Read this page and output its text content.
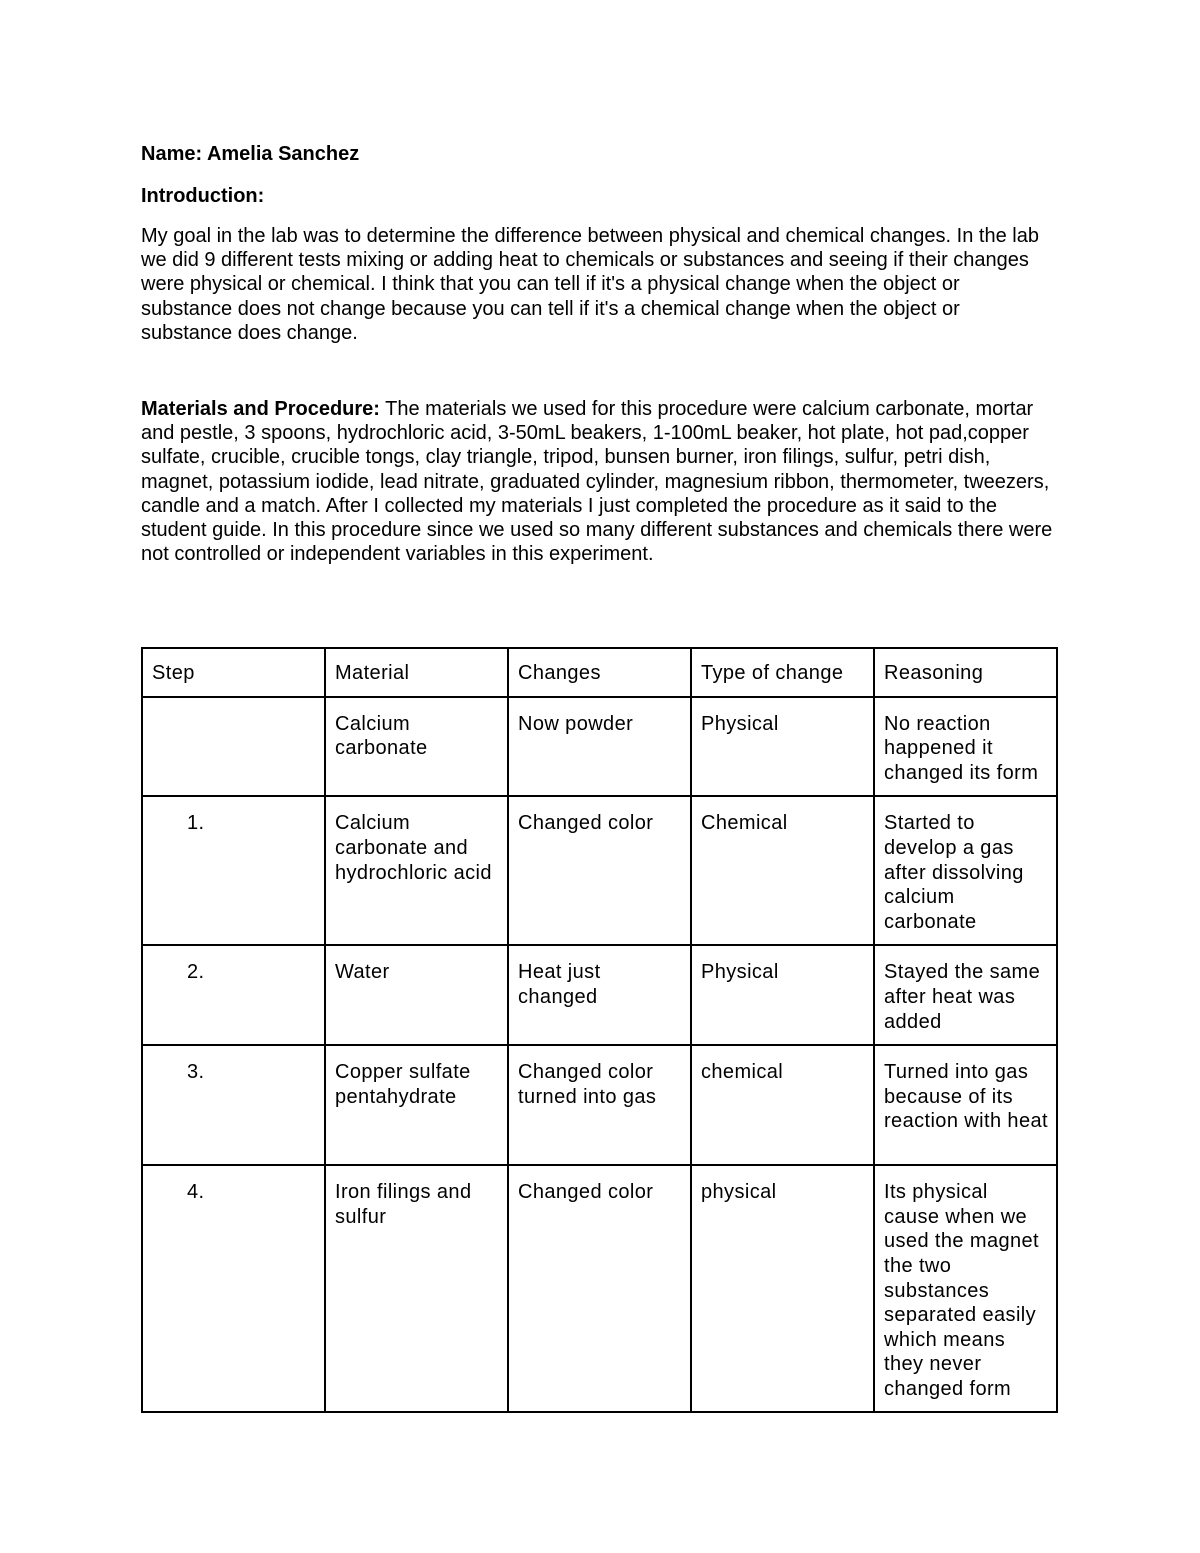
Name: Amelia Sanchez

Introduction:

My goal in the lab was to determine the difference between physical and chemical changes. In the lab we did 9 different tests mixing or adding heat to chemicals or substances and seeing if their changes were physical or chemical. I think that you can tell if it's a physical change when the object or substance does not change because you can tell if it's a chemical change when the object or substance does change.

Materials and Procedure: The materials we used for this procedure were calcium carbonate, mortar and pestle, 3 spoons, hydrochloric acid, 3-50mL beakers, 1-100mL beaker, hot plate, hot pad,copper sulfate, crucible, crucible tongs, clay triangle, tripod, bunsen burner, iron filings, sulfur, petri dish, magnet, potassium iodide, lead nitrate, graduated cylinder, magnesium ribbon, thermometer, tweezers, candle and a match. After I collected my materials I just completed the procedure as it said to the student guide. In this procedure since we used so many different substances and chemicals there were not controlled or independent variables in this experiment.

Step	Material	Changes	Type of change	Reasoning
	Calcium carbonate	Now powder	Physical	No reaction happened it changed its form
1.	Calcium carbonate and hydrochloric acid	Changed color	Chemical	Started to develop a gas after dissolving calcium carbonate
2.	Water	Heat just changed	Physical	Stayed the same after heat was added
3.	Copper sulfate pentahydrate	Changed color turned into gas	chemical	Turned into gas because of its reaction with heat
4.	Iron filings and sulfur	Changed color	physical	Its physical cause when we used the magnet the two substances separated easily which means they never changed form
